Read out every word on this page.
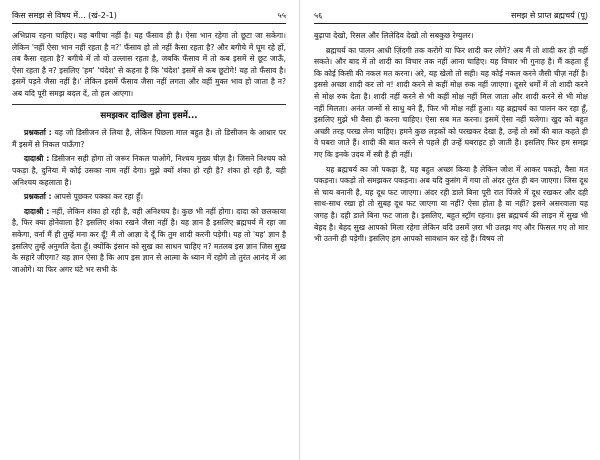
किस समझ से विषय में... (खं-2-1)	५५

अभिप्राय रहना चाहिए। यह बगीचा नहीं है। यह फँसाव ही है। ऐसा भान रहेगा तो छूटा जा सकेगा। लेकिन 'नहीं ऐसा भान नहीं रहता है न?' फँसाव हो तो नहीं कैसा रहता है? और बगीचे में घूम रहे हों, तब कैसा रहता है? बगीचे में तो वो उल्लास रहता है, जबकि फँसाव में तो कब इसमें से छूट जाऊँ, ऐसा रहता है न? इसलिए 'हम' 'चंदेश' से कहना है कि 'चंदेश' इसमें से कब छूटोगे! यह तो फँसाव है। इसमें पड़ने जैसा नहीं है।' लेकिन इसमें फँसाव जैसा नहीं लगता और वहीं मुक्त भाव हो जाता है न? अब यदि पूरी समझ बदल दें, तो हल आएगा।

समझकर दाखिल होना इसमें...

प्रश्नकर्ता : यह जो डिसीजन ले लिया है, लेकिन पिछला माल बहुत है। तो डिसीजन के आधार पर मैं इसमें से निकल पाऊँगा?

दादाश्री : डिसीजन सही होगा तो जरूर निकल पाओगे, निश्चय मुख्य चीज़ है। जिसने निश्चय को पकड़ा है, दुनिया में कोई उसका नाम नहीं देगा। मुझे क्यों शंका हो रही है? शंका हो रही है, यही अनिश्चय कहलाता है।

प्रश्नकर्ता : आपसे पूछकर पक्का कर रहा हूँ।

दादाश्री : नहीं, लेकिन शंका हो रही है, वही अनिश्चय है। कुछ भी नहीं होगा। दादा को छलकाया है, फिर क्या होनेवाला है? इसलिए शंका रखने जैसा नहीं है। यह ज्ञान है इसलिए ब्रह्मचर्य में रहा जा सकेगा, वर्ना मैं ही तुम्हें मना कर दूँ! मैं तो आज्ञा दे दूँ कि तुम शादी करनी पड़ेगी। यह तो 'यह' ज्ञान है इसलिए तुम्हें अनुमति देता हूँ। क्योंकि इंसान को सुख का साधन चाहिए न? मतलब इस ज्ञान जिस सुख के सहारे जीएगा? यह ज्ञान ऐसा है कि आप इस ज्ञान से आत्मा के ध्यान में रहोगे तो तुरंत आनंद में आ जाओगे। या फिर अगर घंटे भर सभी के

५६	समझ से प्राप्त ब्रह्मचर्य (पू)

बुढ़ापा देखो, रिसल और लिलेदिव देखो तो सबकुछ रेग्युलर।

ब्रह्मचर्य का पालन आधी ज़िंदगी तक करोगे या फिर शादी कर लोगे? अब मैं तो शादी कर ही नहीं सकते। और बाद में तो शादी का विचार तक नहीं आना चाहिए। यह विचार भी गुनाह है। मैं कहता हूँ कि कोई किसी की नकल मत करना। अरे, यह खेलो तो सही। यह कोई नकल करने जैसी चीज़ नहीं है। इससे अच्छा शादी कर लो न! शादी करने से कहीं मोक्ष रुक नहीं जाएगा। दूसरे धर्मों में तो शादी करने से मोक्ष रुक देता है। शादी नहीं करने से भी कहीं मोक्ष नहीं मिल जाता और शादी करने से भी मोक्ष नहीं मिलता। अनंत जन्मों से साधु बने हैं, फिर भी मोक्ष नहीं हुआ। यह ब्रह्मचर्य का पालन कर रहा हूँ, इसलिए मुझे भी वैसा ही करना चाहिए। ऐसा सब मत करना। इसमें ऐसा नहीं चलेगा। खुद को बहुत अच्छी तरह परख लेना चाहिए। हमने कुछ लड़कों को परखकर देखा है, उन्हें तो स्त्रों की बात कहते ही वे घबरा जाते हैं। शादी की बात करने से पहले ही उन्हें घबराहट हो जाती है। इसलिए फिर हम समझ गए कि इनके उदय में स्त्री है ही नहीं।

यह ब्रह्मचर्य का जो पकड़ा है, यह बहुत अच्छा किया है लेकिन जोश में आकर पकड़ो, वैसा मत पकड़ना। पकड़ो तो समझकर पकड़ना। अब यदि कुसंग में गया तो अंदर तुरंत ही बन जाएगा। जिस दूध से चाय बनानी है, यह दूध फट जाएगा। अंदर रही डाले बिना पूरी रात पिंजरे में दूध रखकर और दही साथ-साथ रखा हो तो सुबह दूध फट जाएगा या नहीं? ऐसा होता है या नहीं? इसने असरवाला यह जगह है। दही डाले बिना फट जाता है। इसलिए, बहुत स्ट्रॉग रहना। इस ब्रह्मचर्य की लाइन में सुख भी बेहद है। बेहद सुख आपको मिला रहेगा लेकिन यदि उसमें ज़रा भी उलझ गए और फिसल गए तो मार भी उतनी ही पड़ेगी। इसलिए हम आपको सावधान कर रहे हैं। विषय तो
